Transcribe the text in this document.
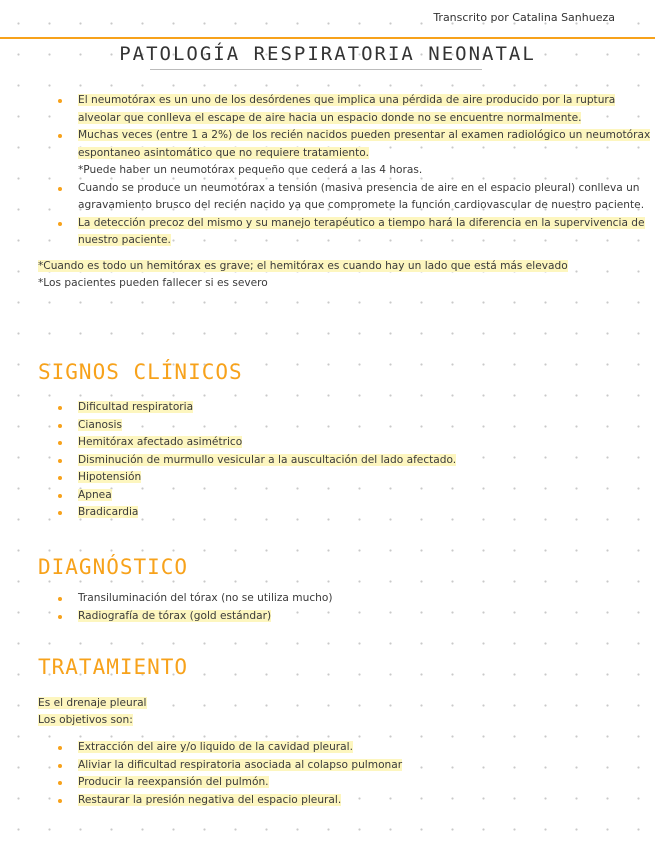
Transcrito por Catalina Sanhueza
PATOLOGÍA RESPIRATORIA NEONATAL
El neumotórax es un uno de los desórdenes que implica una pérdida de aire producido por la ruptura alveolar que conlleva el escape de aire hacia un espacio donde no se encuentre normalmente.
Muchas veces (entre 1 a 2%) de los recién nacidos pueden presentar al examen radiológico un neumotórax espontaneo asintomático que no requiere tratamiento.
*Puede haber un neumotórax pequeño que cederá a las 4 horas.
Cuando se produce un neumotórax a tensión (masiva presencia de aire en el espacio pleural) conlleva un agravamiento brusco del recién nacido ya que compromete la función cardiovascular de nuestro paciente.
La detección precoz del mismo y su manejo terapéutico a tiempo hará la diferencia en la supervivencia de nuestro paciente.
*Cuando es todo un hemitórax es grave; el hemitórax es cuando hay un lado que está más elevado
*Los pacientes pueden fallecer si es severo
SIGNOS CLÍNICOS
Dificultad respiratoria
Cianosis
Hemitórax afectado asimétrico
Disminución de murmullo vesicular a la auscultación del lado afectado.
Hipotensión
Apnea
Bradicardia
DIAGNÓSTICO
Transiluminación del tórax (no se utiliza mucho)
Radiografía de tórax (gold estándar)
TRATAMIENTO
Es el drenaje pleural
Los objetivos son:
Extracción del aire y/o liquido de la cavidad pleural.
Aliviar la dificultad respiratoria asociada al colapso pulmonar
Producir la reexpansión del pulmón.
Restaurar la presión negativa del espacio pleural.
